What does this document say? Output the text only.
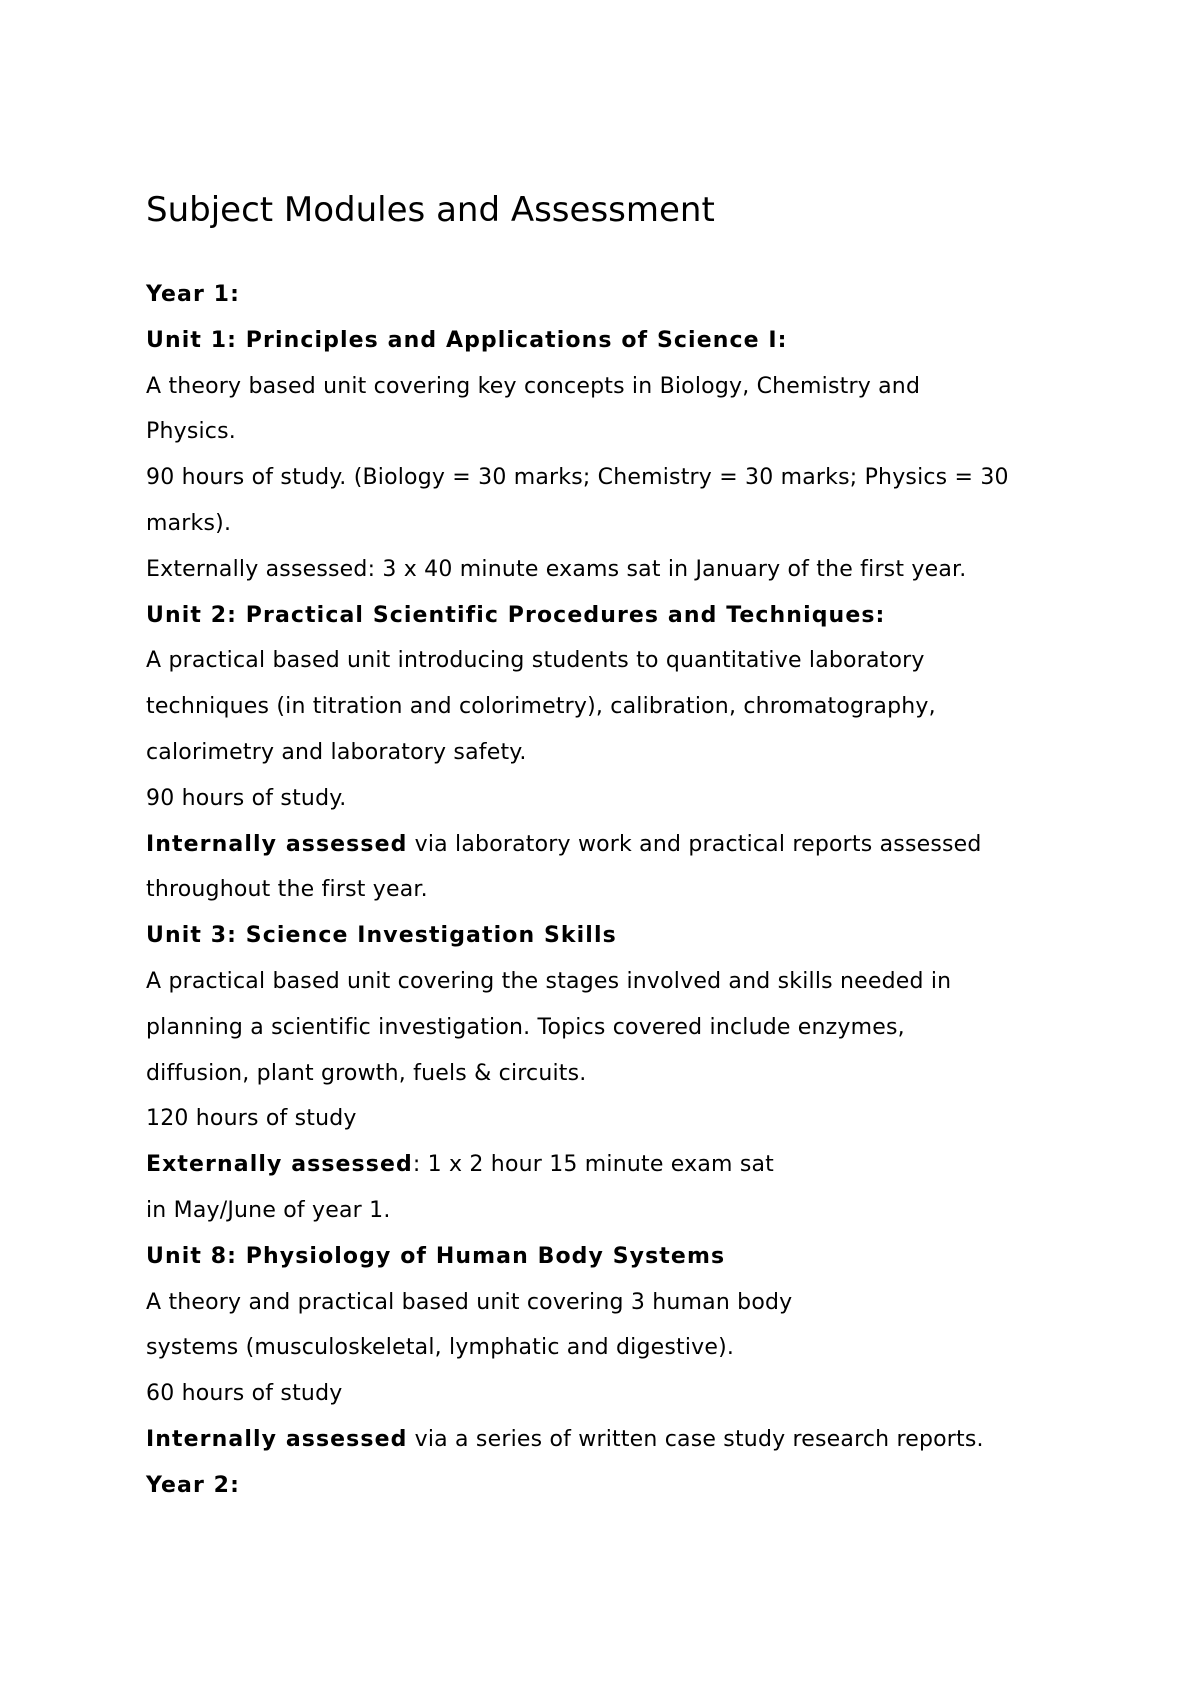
Subject Modules and Assessment

Year 1:

Unit 1: Principles and Applications of Science I:

A theory based unit covering key concepts in Biology, Chemistry and

Physics.

90 hours of study. (Biology = 30 marks; Chemistry = 30 marks; Physics = 30

marks).

Externally assessed: 3 x 40 minute exams sat in January of the first year.

Unit 2: Practical Scientific Procedures and Techniques:

A practical based unit introducing students to quantitative laboratory

techniques (in titration and colorimetry), calibration, chromatography,

calorimetry and laboratory safety.

90 hours of study.

Internally assessed via laboratory work and practical reports assessed

throughout the first year.

Unit 3: Science Investigation Skills

A practical based unit covering the stages involved and skills needed in

planning a scientific investigation. Topics covered include enzymes,

diffusion, plant growth, fuels & circuits.

120 hours of study

Externally assessed: 1 x 2 hour 15 minute exam sat

in May/June of year 1.

Unit 8: Physiology of Human Body Systems

A theory and practical based unit covering 3 human body

systems (musculoskeletal, lymphatic and digestive).

60 hours of study

Internally assessed via a series of written case study research reports.

Year 2:
